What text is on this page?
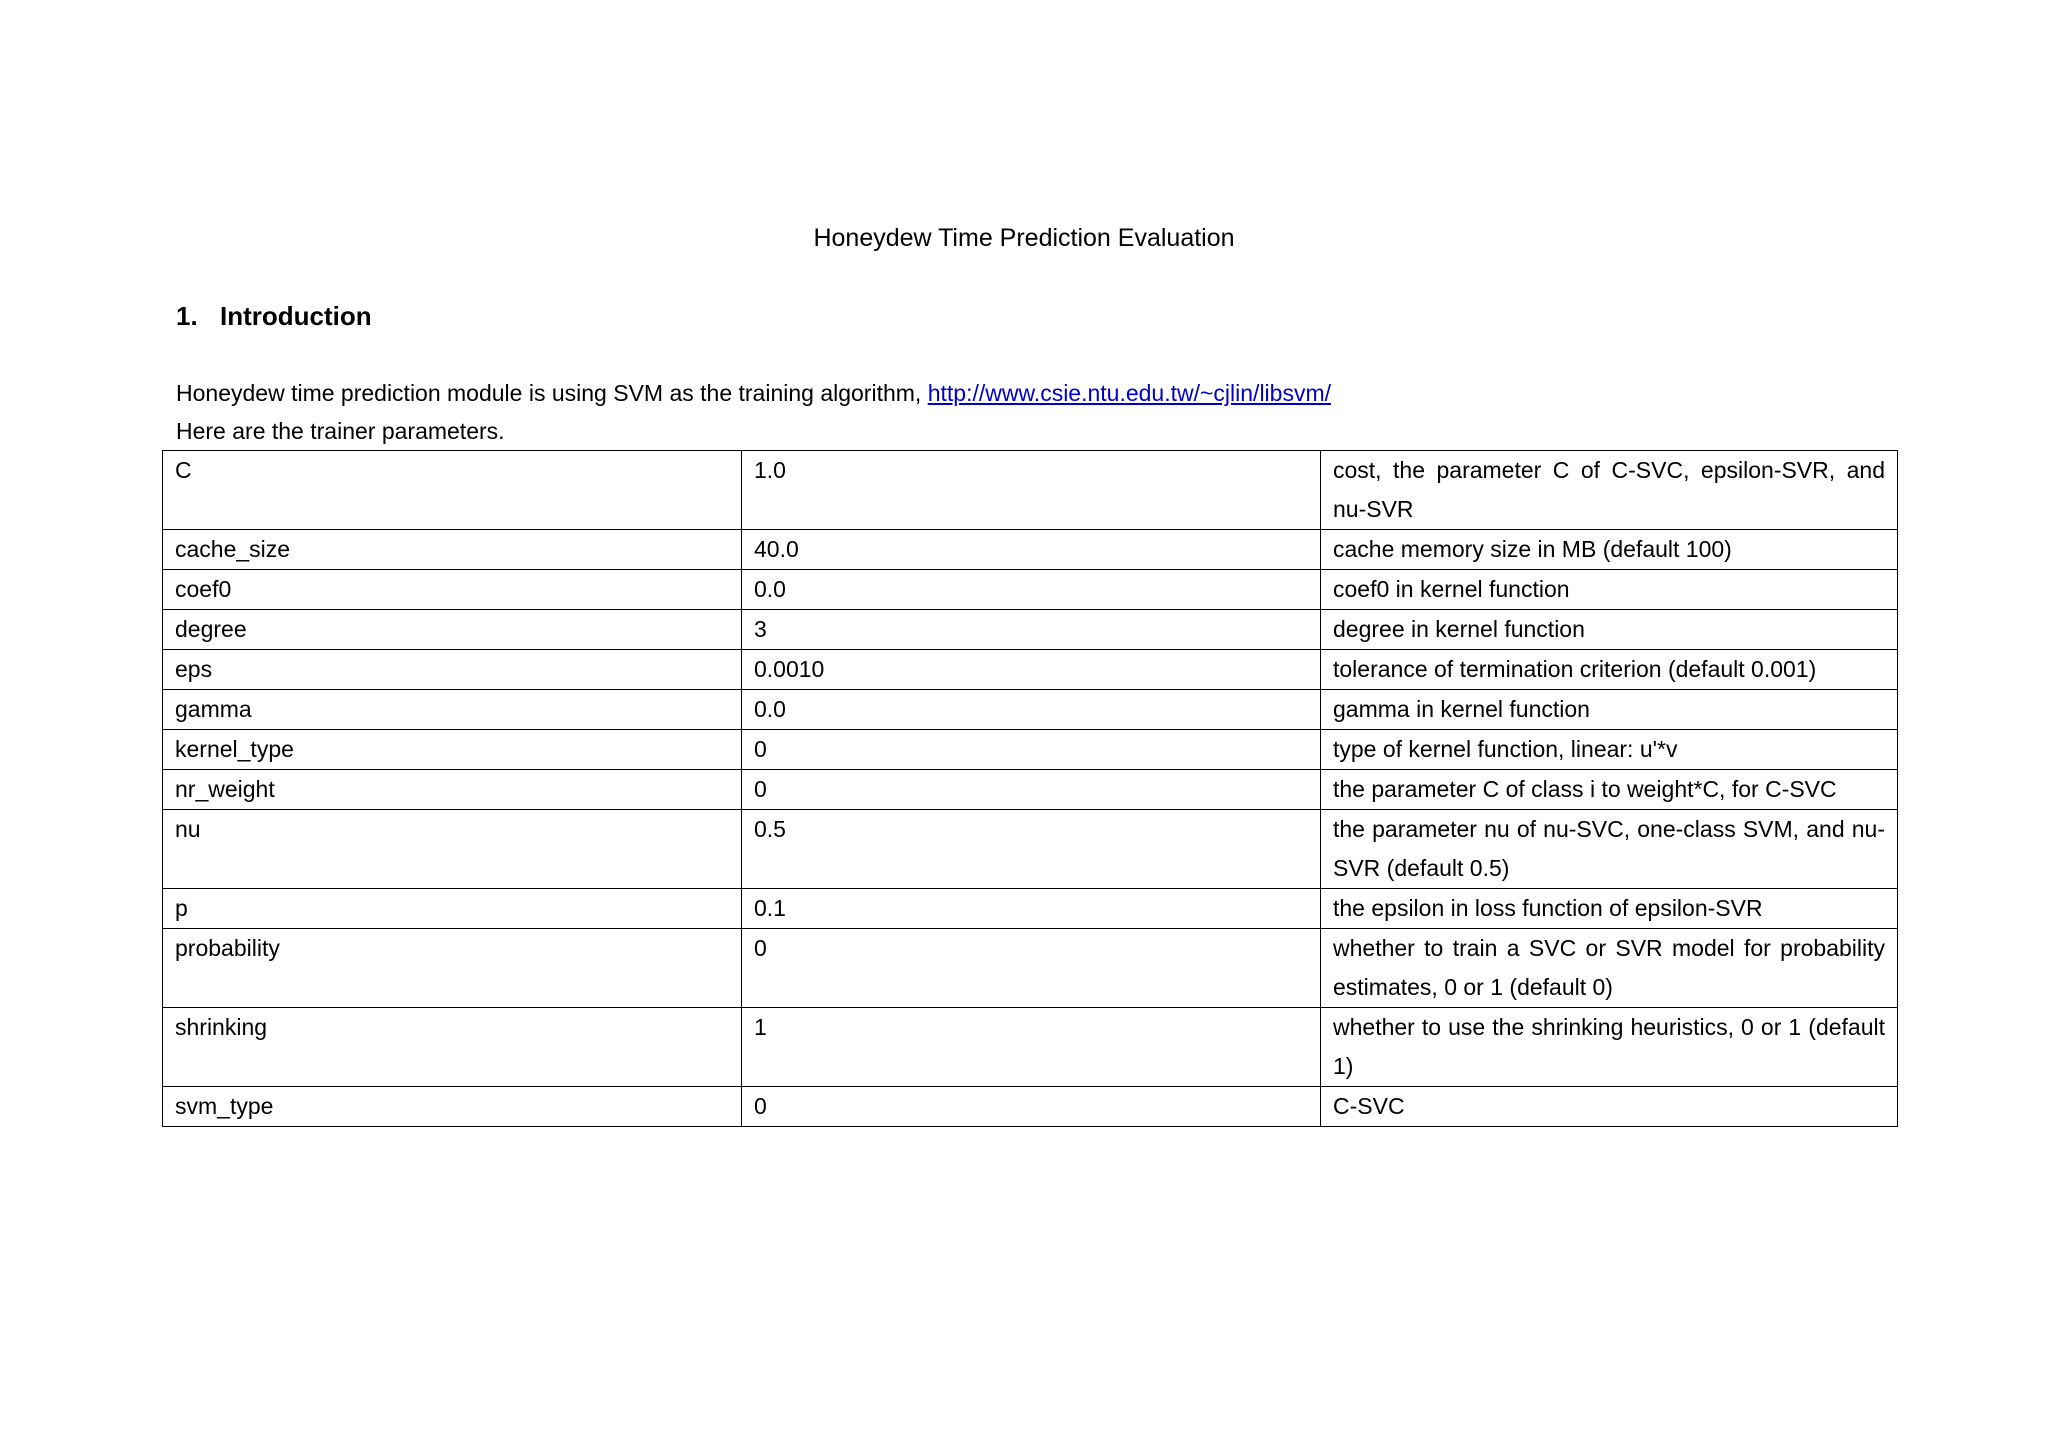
Honeydew Time Prediction Evaluation
1. Introduction
Honeydew time prediction module is using SVM as the training algorithm, http://www.csie.ntu.edu.tw/~cjlin/libsvm/
Here are the trainer parameters.
C	1.0	cost, the parameter C of C-SVC, epsilon-SVR, and nu-SVR
cache_size	40.0	cache memory size in MB (default 100)
coef0	0.0	coef0 in kernel function
degree	3	degree in kernel function
eps	0.0010	tolerance of termination criterion (default 0.001)
gamma	0.0	gamma in kernel function
kernel_type	0	type of kernel function, linear: u'*v
nr_weight	0	the parameter C of class i to weight*C, for C-SVC
nu	0.5	the parameter nu of nu-SVC, one-class SVM, and nu-SVR (default 0.5)
p	0.1	the epsilon in loss function of epsilon-SVR
probability	0	whether to train a SVC or SVR model for probability estimates, 0 or 1 (default 0)
shrinking	1	whether to use the shrinking heuristics, 0 or 1 (default 1)
svm_type	0	C-SVC
